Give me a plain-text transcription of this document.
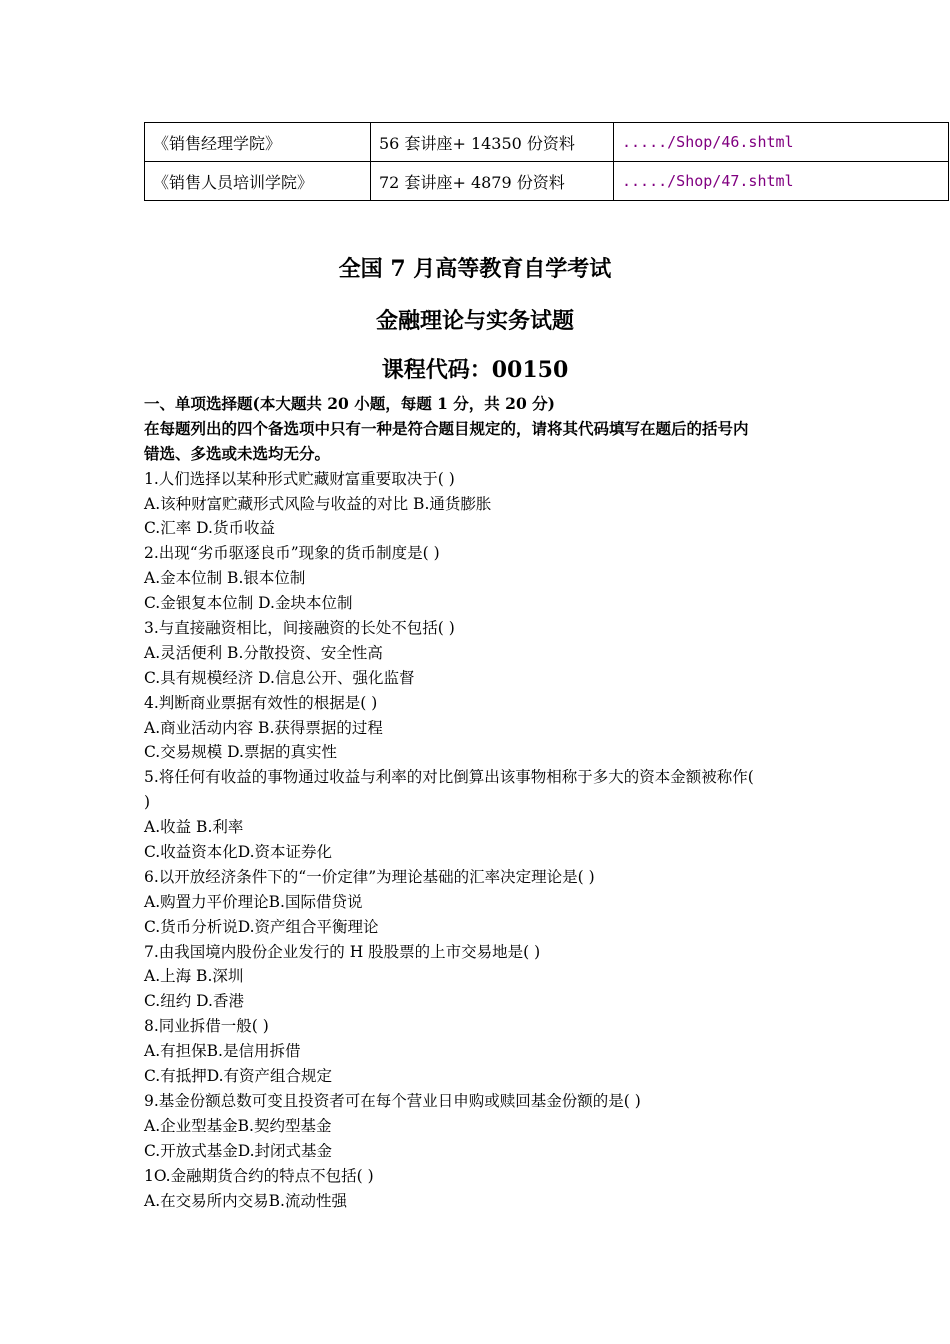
《销售经理学院》	56 套讲座+ 14350 份资料	...../Shop/46.shtml
《销售人员培训学院》	72 套讲座+ 4879 份资料	...../Shop/47.shtml
全国 7 月高等教育自学考试
金融理论与实务试题
课程代码：00150
一、单项选择题(本大题共 20 小题，每题 1 分，共 20 分)
在每题列出的四个备选项中只有一种是符合题目规定的，请将其代码填写在题后的括号内
错选、多选或未选均无分。
1.人们选择以某种形式贮藏财富重要取决于( )
A.该种财富贮藏形式风险与收益的对比 B.通货膨胀
C.汇率 D.货币收益
2.出现“劣币驱逐良币”现象的货币制度是( )
A.金本位制 B.银本位制
C.金银复本位制 D.金块本位制
3.与直接融资相比，间接融资的长处不包括( )
A.灵活便利 B.分散投资、安全性高
C.具有规模经济 D.信息公开、强化监督
4.判断商业票据有效性的根据是( )
A.商业活动内容 B.获得票据的过程
C.交易规模 D.票据的真实性
5.将任何有收益的事物通过收益与利率的对比倒算出该事物相称于多大的资本金额被称作(
)
A.收益 B.利率
C.收益资本化D.资本证券化
6.以开放经济条件下的“一价定律”为理论基础的汇率决定理论是( )
A.购置力平价理论B.国际借贷说
C.货币分析说D.资产组合平衡理论
7.由我国境内股份企业发行的 H 股股票的上市交易地是( )
A.上海 B.深圳
C.纽约 D.香港
8.同业拆借一般( )
A.有担保B.是信用拆借
C.有抵押D.有资产组合规定
9.基金份额总数可变且投资者可在每个营业日申购或赎回基金份额的是( )
A.企业型基金B.契约型基金
C.开放式基金D.封闭式基金
1O.金融期货合约的特点不包括( )
A.在交易所内交易B.流动性强
